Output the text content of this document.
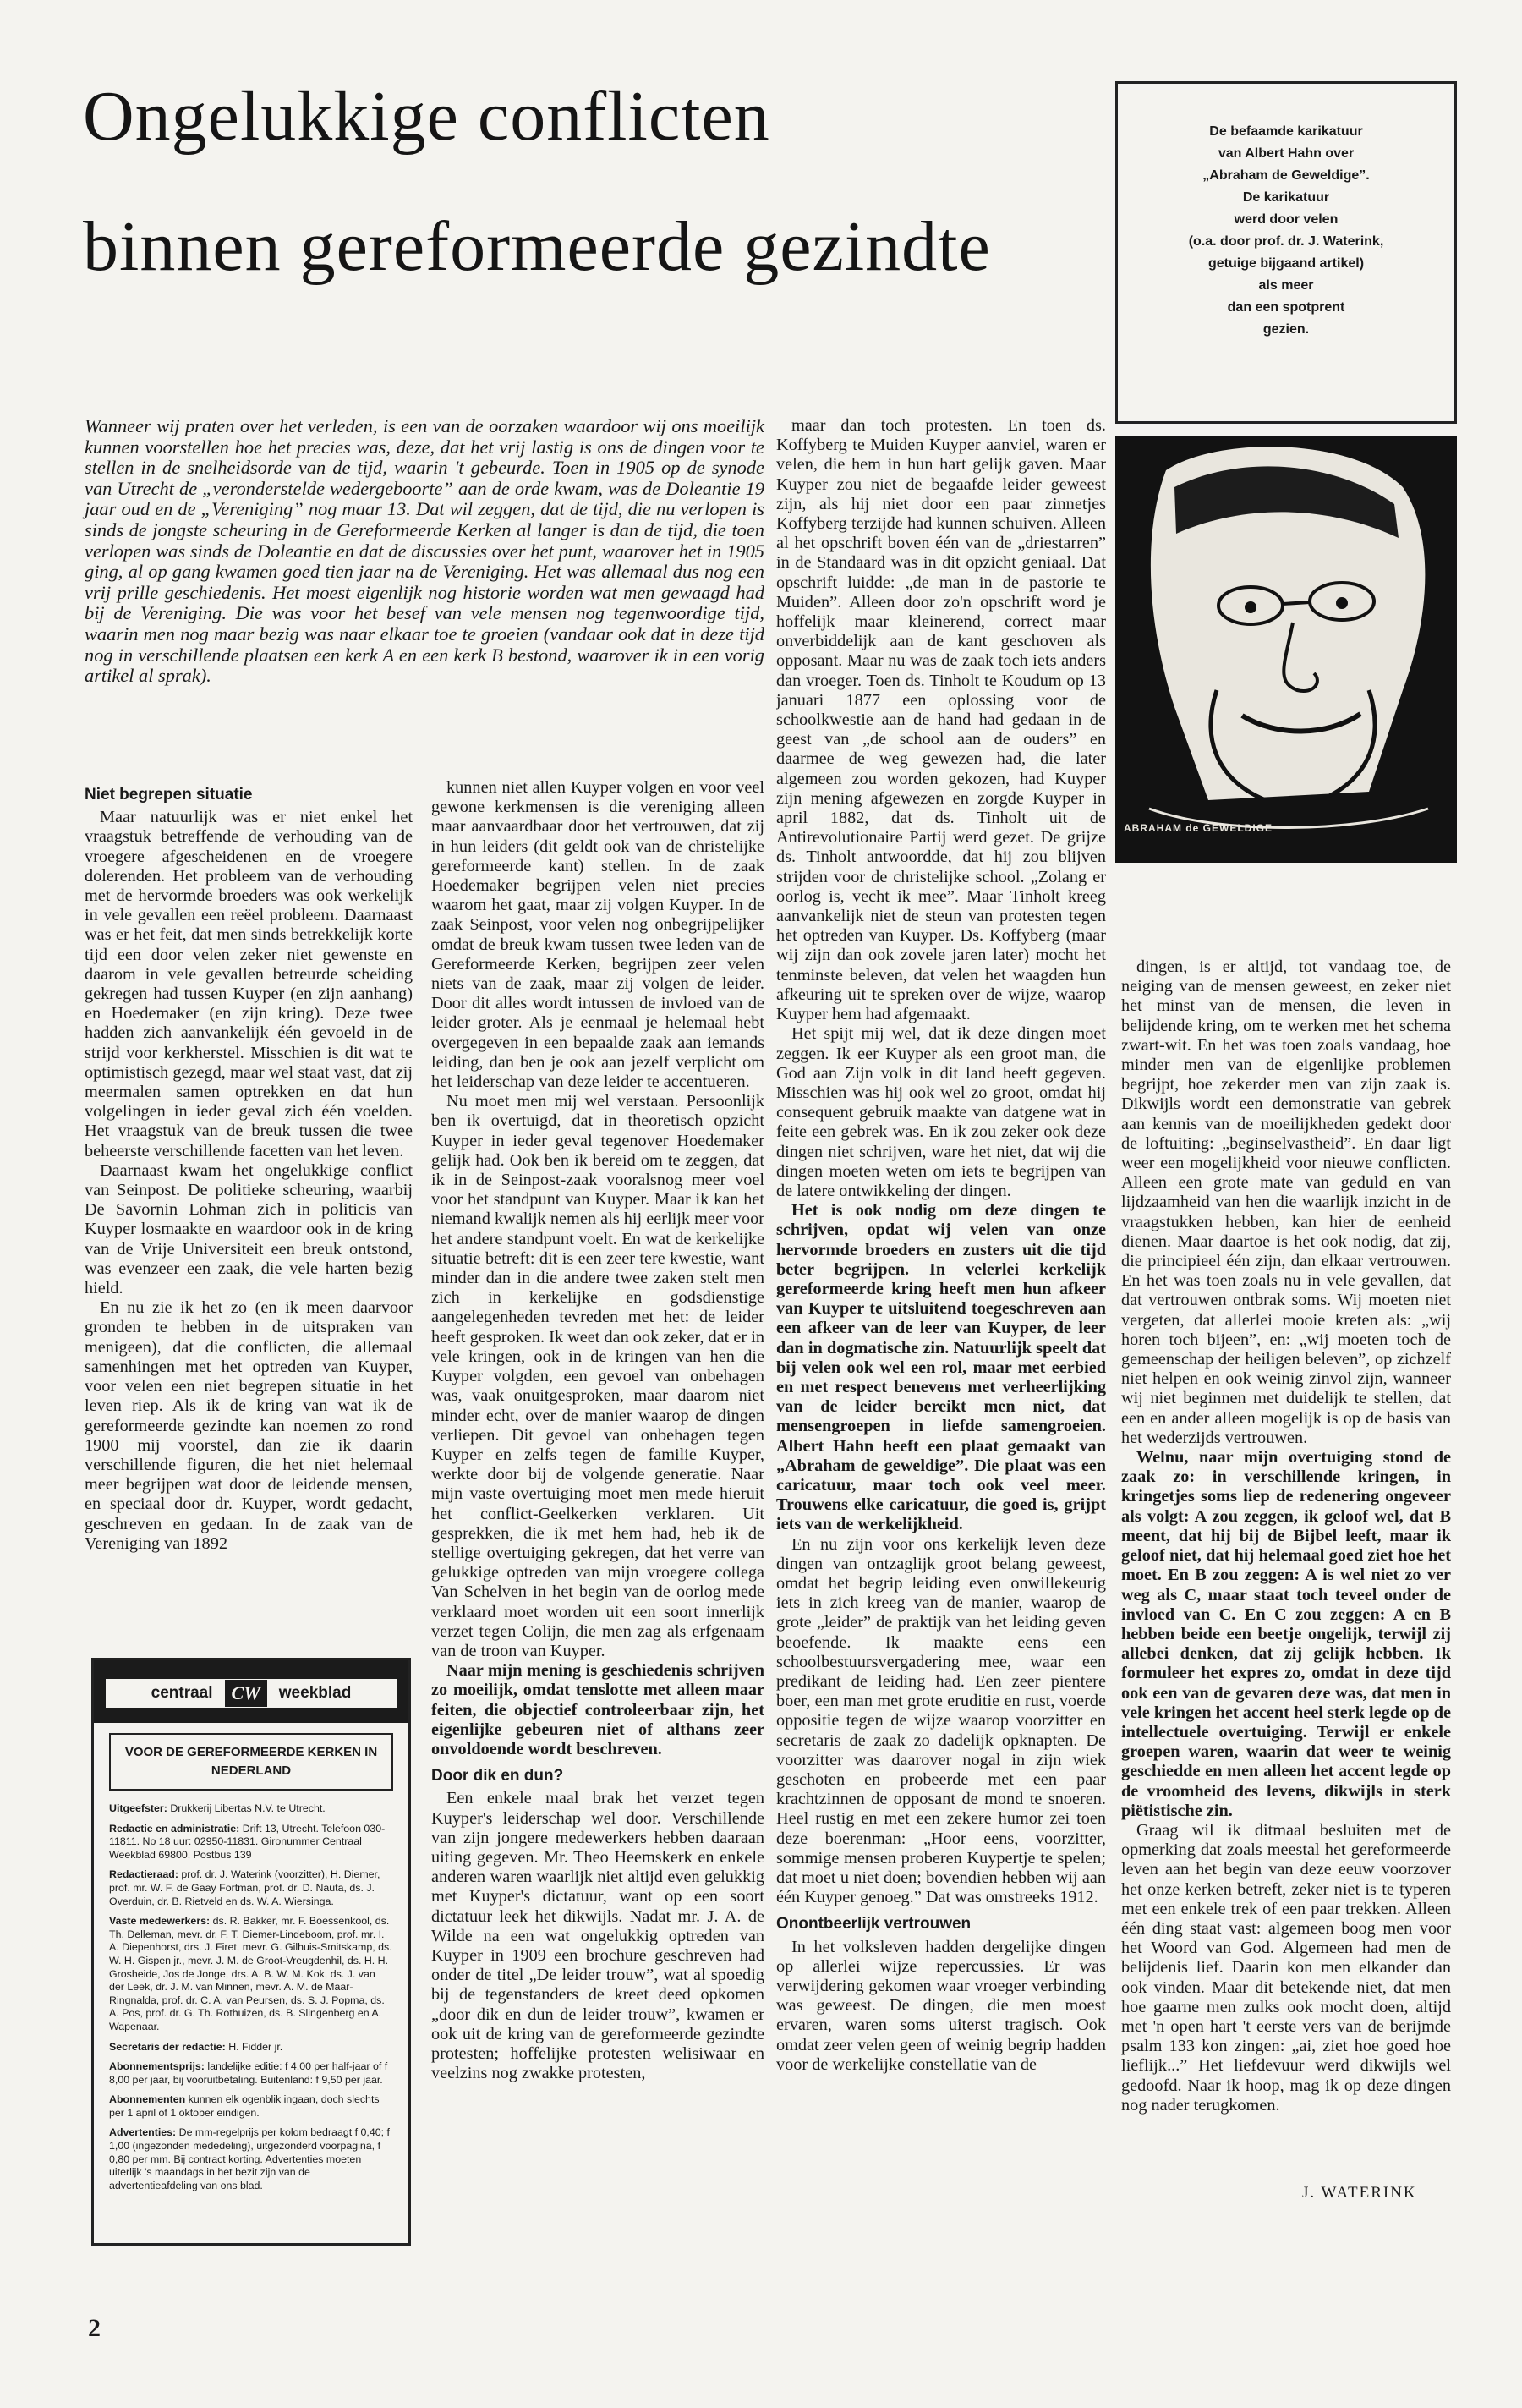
Ongelukkige conflicten
binnen gereformeerde gezindte
De befaamde karikatuur
van Albert Hahn over
„Abraham de Geweldige”.
De karikatuur
werd door velen
(o.a. door prof. dr. J. Waterink,
getuige bijgaand artikel)
als meer
dan een spotprent
gezien.
ABRAHAM de GEWELDIGE
Wanneer wij praten over het verleden, is een van de oorzaken waardoor wij ons moeilijk kunnen voorstellen hoe het precies was, deze, dat het vrij lastig is ons de dingen voor te stellen in de snelheidsorde van de tijd, waarin 't gebeurde. Toen in 1905 op de synode van Utrecht de „veronderstelde wedergeboorte” aan de orde kwam, was de Doleantie 19 jaar oud en de „Vereniging” nog maar 13. Dat wil zeggen, dat de tijd, die nu verlopen is sinds de jongste scheuring in de Gereformeerde Kerken al langer is dan de tijd, die toen verlopen was sinds de Doleantie en dat de discussies over het punt, waarover het in 1905 ging, al op gang kwamen goed tien jaar na de Vereniging. Het was allemaal dus nog een vrij prille geschiedenis. Het moest eigenlijk nog historie worden wat men gewaagd had bij de Vereniging. Die was voor het besef van vele mensen nog tegenwoordige tijd, waarin men nog maar bezig was naar elkaar toe te groeien (vandaar ook dat in deze tijd nog in verschillende plaatsen een kerk A en een kerk B bestond, waarover ik in een vorig artikel al sprak).
Niet begrepen situatie

Maar natuurlijk was er niet enkel het vraagstuk betreffende de verhouding van de vroegere afgescheidenen en de vroegere dolerenden. Het probleem van de verhouding met de hervormde broeders was ook werkelijk in vele gevallen een reëel probleem. Daarnaast was er het feit, dat men sinds betrekkelijk korte tijd een door velen zeker niet gewenste en daarom in vele gevallen betreurde scheiding gekregen had tussen Kuyper (en zijn aanhang) en Hoedemaker (en zijn kring). Deze twee hadden zich aanvankelijk één gevoeld in de strijd voor kerkherstel. Misschien is dit wat te optimistisch gezegd, maar wel staat vast, dat zij meermalen samen optrekken en dat hun volgelingen in ieder geval zich één voelden. Het vraagstuk van de breuk tussen die twee beheerste verschillende facetten van het leven.

Daarnaast kwam het ongelukkige conflict van Seinpost. De politieke scheuring, waarbij De Savornin Lohman zich in politicis van Kuyper losmaakte en waardoor ook in de kring van de Vrije Universiteit een breuk ontstond, was evenzeer een zaak, die vele harten bezig hield.

En nu zie ik het zo (en ik meen daarvoor gronden te hebben in de uitspraken van menigeen), dat die conflicten, die allemaal samenhingen met het optreden van Kuyper, voor velen een niet begrepen situatie in het leven riep. Als ik de kring van wat ik de gereformeerde gezindte kan noemen zo rond 1900 mij voorstel, dan zie ik daarin verschillende figuren, die het niet helemaal meer begrijpen wat door de leidende mensen, en speciaal door dr. Kuyper, wordt gedacht, geschreven en gedaan. In de zaak van de Vereniging van 1892

centraal	CW	weekblad
VOOR DE GEREFORMEERDE KERKEN IN NEDERLAND
Uitgeefster: Drukkerij Libertas N.V. te Utrecht.
Redactie en administratie: Drift 13, Utrecht. Telefoon 030-11811. No 18 uur: 02950-11831. Gironummer Centraal Weekblad 69800, Postbus 139
Redactieraad: prof. dr. J. Waterink (voorzitter), H. Diemer, prof. mr. W. F. de Gaay Fortman, prof. dr. D. Nauta, ds. J. Overduin, dr. B. Rietveld en ds. W. A. Wiersinga.
Vaste medewerkers: ds. R. Bakker, mr. F. Boessenkool, ds. Th. Delleman, mevr. dr. F. T. Diemer-Lindeboom, prof. mr. I. A. Diepenhorst, drs. J. Firet, mevr. G. Gilhuis-Smitskamp, ds. W. H. Gispen jr., mevr. J. M. de Groot-Vreugdenhil, ds. H. H. Grosheide, Jos de Jonge, drs. A. B. W. M. Kok, ds. J. van der Leek, dr. J. M. van Minnen, mevr. A. M. de Maar-Ringnalda, prof. dr. C. A. van Peursen, ds. S. J. Popma, ds. A. Pos, prof. dr. G. Th. Rothuizen, ds. B. Slingenberg en A. Wapenaar.
Secretaris der redactie: H. Fidder jr.
Abonnementsprijs: landelijke editie: f 4,00 per half-jaar of f 8,00 per jaar, bij vooruitbetaling. Buitenland: f 9,50 per jaar.
Abonnementen kunnen elk ogenblik ingaan, doch slechts per 1 april of 1 oktober eindigen.
Advertenties: De mm-regelprijs per kolom bedraagt f 0,40; f 1,00 (ingezonden mededeling), uitgezonderd voorpagina, f 0,80 per mm. Bij contract korting. Advertenties moeten uiterlijk 's maandags in het bezit zijn van de advertentieafdeling van ons blad.

kunnen niet allen Kuyper volgen en voor veel gewone kerkmensen is die vereniging alleen maar aanvaardbaar door het vertrouwen, dat zij in hun leiders (dit geldt ook van de christelijke gereformeerde kant) stellen. In de zaak Hoedemaker begrijpen velen niet precies waarom het gaat, maar zij volgen Kuyper. In de zaak Seinpost, voor velen nog onbegrijpelijker omdat de breuk kwam tussen twee leden van de Gereformeerde Kerken, begrijpen zeer velen niets van de zaak, maar zij volgen de leider. Door dit alles wordt intussen de invloed van de leider groter. Als je eenmaal je helemaal hebt overgegeven in een bepaalde zaak aan iemands leiding, dan ben je ook aan jezelf verplicht om het leiderschap van deze leider te accentueren.

Nu moet men mij wel verstaan. Persoonlijk ben ik overtuigd, dat in theoretisch opzicht Kuyper in ieder geval tegenover Hoedemaker gelijk had. Ook ben ik bereid om te zeggen, dat ik in de Seinpost-zaak vooralsnog meer voel voor het standpunt van Kuyper. Maar ik kan het niemand kwalijk nemen als hij eerlijk meer voor het andere standpunt voelt. En wat de kerkelijke situatie betreft: dit is een zeer tere kwestie, want minder dan in die andere twee zaken stelt men zich in kerkelijke en godsdienstige aangelegenheden tevreden met het: de leider heeft gesproken. Ik weet dan ook zeker, dat er in vele kringen, ook in de kringen van hen die Kuyper volgden, een gevoel van onbehagen was, vaak onuitgesproken, maar daarom niet minder echt, over de manier waarop de dingen verliepen. Dit gevoel van onbehagen tegen Kuyper en zelfs tegen de familie Kuyper, werkte door bij de volgende generatie. Naar mijn vaste overtuiging moet men mede hieruit het conflict-Geelkerken verklaren. Uit gesprekken, die ik met hem had, heb ik de stellige overtuiging gekregen, dat het verre van gelukkige optreden van mijn vroegere collega Van Schelven in het begin van de oorlog mede verklaard moet worden uit een soort innerlijk verzet tegen Colijn, die men zag als erfgenaam van de troon van Kuyper.

Naar mijn mening is geschiedenis schrijven zo moeilijk, omdat tenslotte met alleen maar feiten, die objectief controleerbaar zijn, het eigenlijke gebeuren niet of althans zeer onvoldoende wordt beschreven.

Door dik en dun?

Een enkele maal brak het verzet tegen Kuyper's leiderschap wel door. Verschillende van zijn jongere medewerkers hebben daaraan uiting gegeven. Mr. Theo Heemskerk en enkele anderen waren waarlijk niet altijd even gelukkig met Kuyper's dictatuur, want op een soort dictatuur leek het dikwijls. Nadat mr. J. A. de Wilde na een wat ongelukkig optreden van Kuyper in 1909 een brochure geschreven had onder de titel „De leider trouw”, wat al spoedig bij de tegenstanders de kreet deed opkomen „door dik en dun de leider trouw”, kwamen er ook uit de kring van de gereformeerde gezindte protesten; hoffelijke protesten welisiwaar en veelzins nog zwakke protesten,

maar dan toch protesten. En toen ds. Koffyberg te Muiden Kuyper aanviel, waren er velen, die hem in hun hart gelijk gaven. Maar Kuyper zou niet de begaafde leider geweest zijn, als hij niet door een paar zinnetjes Koffyberg terzijde had kunnen schuiven. Alleen al het opschrift boven één van de „driestarren” in de Standaard was in dit opzicht geniaal. Dat opschrift luidde: „de man in de pastorie te Muiden”. Alleen door zo'n opschrift word je hoffelijk maar kleinerend, correct maar onverbiddelijk aan de kant geschoven als opposant. Maar nu was de zaak toch iets anders dan vroeger. Toen ds. Tinholt te Koudum op 13 januari 1877 een oplossing voor de schoolkwestie aan de hand had gedaan in de geest van „de school aan de ouders” en daarmee de weg gewezen had, die later algemeen zou worden gekozen, had Kuyper zijn mening afgewezen en zorgde Kuyper in april 1882, dat ds. Tinholt uit de Antirevolutionaire Partij werd gezet. De grijze ds. Tinholt antwoordde, dat hij zou blijven strijden voor de christelijke school. „Zolang er oorlog is, vecht ik mee”. Maar Tinholt kreeg aanvankelijk niet de steun van protesten tegen het optreden van Kuyper. Ds. Koffyberg (maar wij zijn dan ook zovele jaren later) mocht het tenminste beleven, dat velen het waagden hun afkeuring uit te spreken over de wijze, waarop Kuyper hem had afgemaakt.

Het spijt mij wel, dat ik deze dingen moet zeggen. Ik eer Kuyper als een groot man, die God aan Zijn volk in dit land heeft gegeven. Misschien was hij ook wel zo groot, omdat hij consequent gebruik maakte van datgene wat in feite een gebrek was. En ik zou zeker ook deze dingen niet schrijven, ware het niet, dat wij die dingen moeten weten om iets te begrijpen van de latere ontwikkeling der dingen.

Het is ook nodig om deze dingen te schrijven, opdat wij velen van onze hervormde broeders en zusters uit die tijd beter begrijpen. In velerlei kerkelijk gereformeerde kring heeft men hun afkeer van Kuyper te uitsluitend toegeschreven aan een afkeer van de leer van Kuyper, de leer dan in dogmatische zin. Natuurlijk speelt dat bij velen ook wel een rol, maar met eerbied en met respect benevens met verheerlijking van de leider bereikt men niet, dat mensengroepen in liefde samengroeien. Albert Hahn heeft een plaat gemaakt van „Abraham de geweldige”. Die plaat was een caricatuur, maar toch ook veel meer. Trouwens elke caricatuur, die goed is, grijpt iets van de werkelijkheid.

En nu zijn voor ons kerkelijk leven deze dingen van ontzaglijk groot belang geweest, omdat het begrip leiding even onwillekeurig iets in zich kreeg van de manier, waarop de grote „leider” de praktijk van het leiding geven beoefende. Ik maakte eens een schoolbestuursvergadering mee, waar een predikant de leiding had. Een zeer pientere boer, een man met grote eruditie en rust, voerde oppositie tegen de wijze waarop voorzitter en secretaris de zaak zo dadelijk opknapten. De voorzitter was daarover nogal in zijn wiek geschoten en probeerde met een paar krachtzinnen de opposant de mond te snoeren. Heel rustig en met een zekere humor zei toen deze boerenman: „Hoor eens, voorzitter, sommige mensen proberen Kuypertje te spelen; dat moet u niet doen; bovendien hebben wij aan één Kuyper genoeg.” Dat was omstreeks 1912.

Onontbeerlijk vertrouwen

In het volksleven hadden dergelijke dingen op allerlei wijze repercussies. Er was verwijdering gekomen waar vroeger verbinding was geweest. De dingen, die men moest ervaren, waren soms uiterst tragisch. Ook omdat zeer velen geen of weinig begrip hadden voor de werkelijke constellatie van de

dingen, is er altijd, tot vandaag toe, de neiging van de mensen geweest, en zeker niet het minst van de mensen, die leven in belijdende kring, om te werken met het schema zwart-wit. En het was toen zoals vandaag, hoe minder men van de eigenlijke problemen begrijpt, hoe zekerder men van zijn zaak is. Dikwijls wordt een demonstratie van gebrek aan kennis van de moeilijkheden gedekt door de loftuiting: „beginselvastheid”. En daar ligt weer een mogelijkheid voor nieuwe conflicten. Alleen een grote mate van geduld en van lijdzaamheid van hen die waarlijk inzicht in de vraagstukken hebben, kan hier de eenheid dienen. Maar daartoe is het ook nodig, dat zij, die principieel één zijn, dan elkaar vertrouwen. En het was toen zoals nu in vele gevallen, dat dat vertrouwen ontbrak soms. Wij moeten niet vergeten, dat allerlei mooie kreten als: „wij horen toch bijeen”, en: „wij moeten toch de gemeenschap der heiligen beleven”, op zichzelf niet helpen en ook weinig zinvol zijn, wanneer wij niet beginnen met duidelijk te stellen, dat een en ander alleen mogelijk is op de basis van het wederzijds vertrouwen.

Welnu, naar mijn overtuiging stond de zaak zo: in verschillende kringen, in kringetjes soms liep de redenering ongeveer als volgt: A zou zeggen, ik geloof wel, dat B meent, dat hij bij de Bijbel leeft, maar ik geloof niet, dat hij helemaal goed ziet hoe het moet. En B zou zeggen: A is wel niet zo ver weg als C, maar staat toch teveel onder de invloed van C. En C zou zeggen: A en B hebben beide een beetje ongelijk, terwijl zij allebei denken, dat zij gelijk hebben. Ik formuleer het expres zo, omdat in deze tijd ook een van de gevaren deze was, dat men in vele kringen het accent heel sterk legde op de intellectuele overtuiging. Terwijl er enkele groepen waren, waarin dat weer te weinig geschiedde en men alleen het accent legde op de vroomheid des levens, dikwijls in sterk piëtistische zin.

Graag wil ik ditmaal besluiten met de opmerking dat zoals meestal het gereformeerde leven aan het begin van deze eeuw voorzover het onze kerken betreft, zeker niet is te typeren met een enkele trek of een paar trekken. Alleen één ding staat vast: algemeen boog men voor het Woord van God. Algemeen had men de belijdenis lief. Daarin kon men elkander dan ook vinden. Maar dit betekende niet, dat men hoe gaarne men zulks ook mocht doen, altijd met 'n open hart 't eerste vers van de berijmde psalm 133 kon zingen: „ai, ziet hoe goed hoe lieflijk...” Het liefdevuur werd dikwijls wel gedoofd. Naar ik hoop, mag ik op deze dingen nog nader terugkomen.

J. WATERINK
2
